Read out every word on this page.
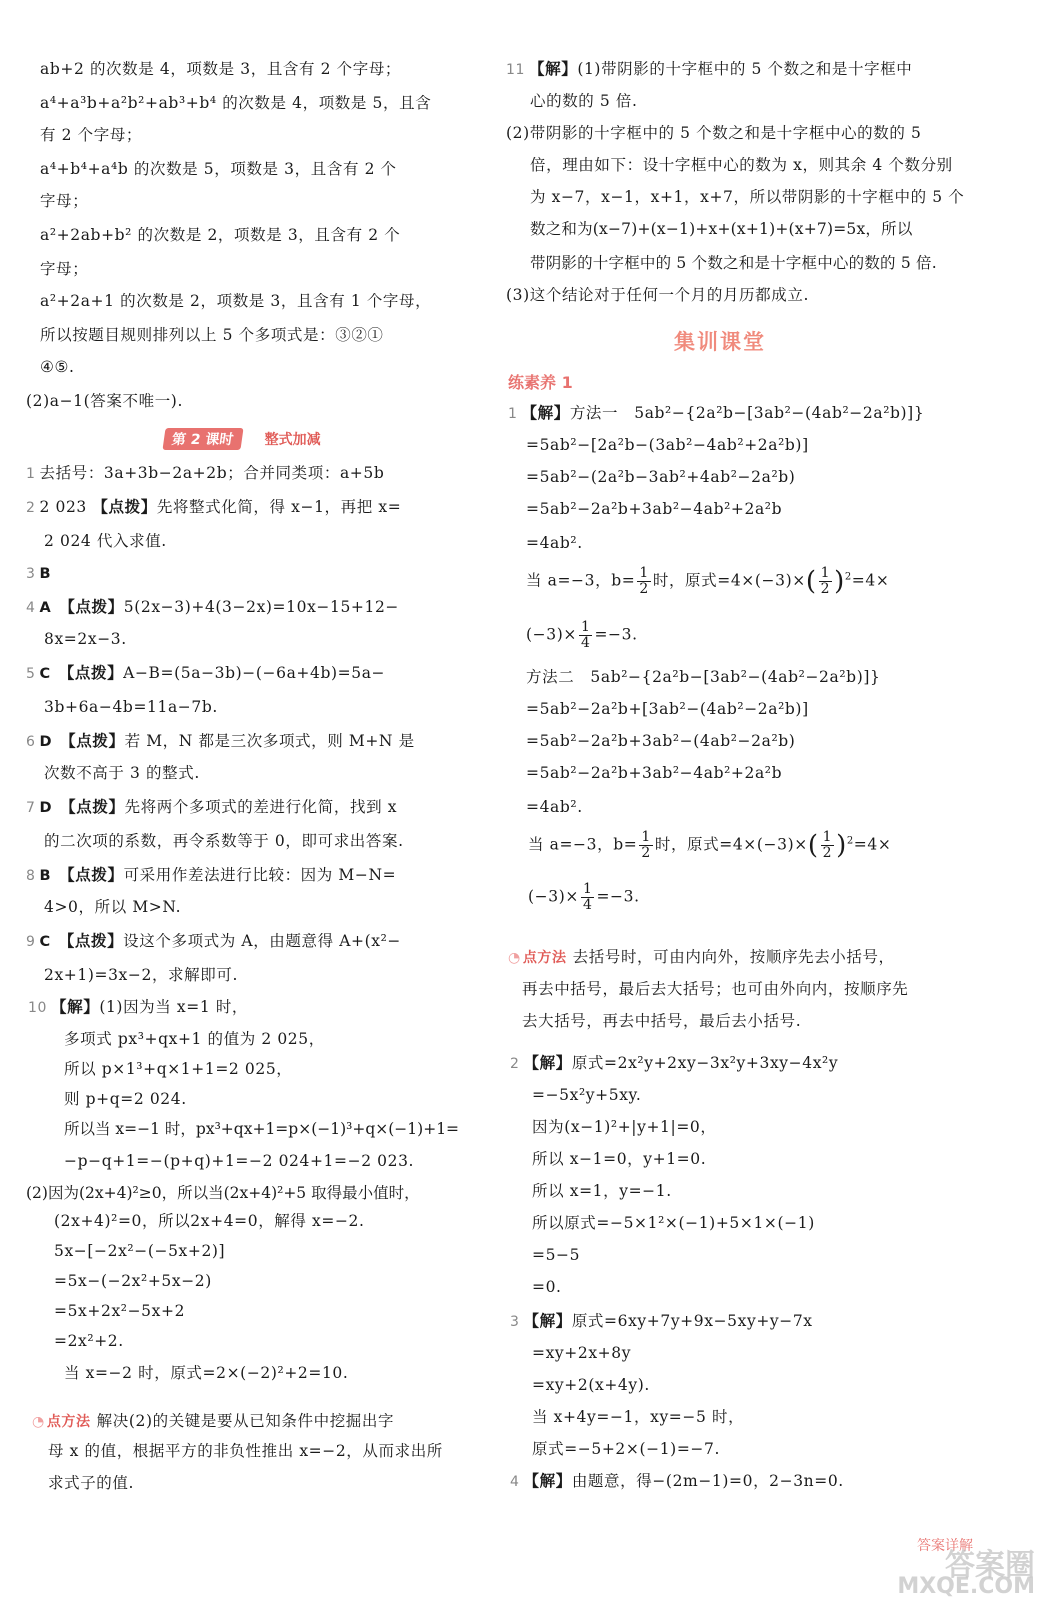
ab+2 的次数是 4，项数是 3，且含有 2 个字母；
a⁴+a³b+a²b²+ab³+b⁴ 的次数是 4，项数是 5，且含
有 2 个字母；
a⁴+b⁴+a⁴b 的次数是 5，项数是 3，且含有 2 个
字母；
a²+2ab+b² 的次数是 2，项数是 3，且含有 2 个
字母；
a²+2a+1 的次数是 2，项数是 3，且含有 1 个字母，
所以按题目规则排列以上 5 个多项式是：③②①
④⑤.
(2)a−1(答案不唯一).
第 2 课时 整式加减
1 去括号：3a+3b−2a+2b；合并同类项：a+5b
2 2 023 【点拨】先将整式化简，得 x−1，再把 x=
2 024 代入求值.
3 B
4 A 【点拨】5(2x−3)+4(3−2x)=10x−15+12−
8x=2x−3.
5 C 【点拨】A−B=(5a−3b)−(−6a+4b)=5a−
3b+6a−4b=11a−7b.
6 D 【点拨】若 M，N 都是三次多项式，则 M+N 是
次数不高于 3 的整式.
7 D 【点拨】先将两个多项式的差进行化简，找到 x
的二次项的系数，再令系数等于 0，即可求出答案.
8 B 【点拨】可采用作差法进行比较：因为 M−N=
4>0，所以 M>N.
9 C 【点拨】设这个多项式为 A，由题意得 A+(x²−
2x+1)=3x−2，求解即可.
10 【解】(1)因为当 x=1 时，
多项式 px³+qx+1 的值为 2 025，
所以 p×1³+q×1+1=2 025，
则 p+q=2 024.
所以当 x=−1 时，px³+qx+1=p×(−1)³+q×(−1)+1=
−p−q+1=−(p+q)+1=−2 024+1=−2 023.
(2)因为(2x+4)²≥0，所以当(2x+4)²+5 取得最小值时，
(2x+4)²=0，所以2x+4=0，解得 x=−2.
5x−[−2x²−(−5x+2)]
=5x−(−2x²+5x−2)
=5x+2x²−5x+2
=2x²+2.
当 x=−2 时，原式=2×(−2)²+2=10.
◔ 点方法 解决(2)的关键是要从已知条件中挖掘出字
母 x 的值，根据平方的非负性推出 x=−2，从而求出所
求式子的值.
11 【解】(1)带阴影的十字框中的 5 个数之和是十字框中
心的数的 5 倍.
(2)带阴影的十字框中的 5 个数之和是十字框中心的数的 5
倍，理由如下：设十字框中心的数为 x，则其余 4 个数分别
为 x−7，x−1，x+1，x+7，所以带阴影的十字框中的 5 个
数之和为(x−7)+(x−1)+x+(x+1)+(x+7)=5x，所以
带阴影的十字框中的 5 个数之和是十字框中心的数的 5 倍.
(3)这个结论对于任何一个月的月历都成立.
集训课堂
练素养 1
1 【解】方法一　5ab²−{2a²b−[3ab²−(4ab²−2a²b)]}
=5ab²−[2a²b−(3ab²−4ab²+2a²b)]
=5ab²−(2a²b−3ab²+4ab²−2a²b)
=5ab²−2a²b+3ab²−4ab²+2a²b
=4ab².
当 a=−3，$b= \frac{1}{2}$ 时，原式$=4\times(-3)\times( \frac{1}{2} )^2=4\times$
$(-3)\times \frac{1}{4} =-3$.
方法二　5ab²−{2a²b−[3ab²−(4ab²−2a²b)]}
=5ab²−2a²b+[3ab²−(4ab²−2a²b)]
=5ab²−2a²b+3ab²−(4ab²−2a²b)
=5ab²−2a²b+3ab²−4ab²+2a²b
=4ab².
当 a=−3，$b= \frac{1}{2}$ 时，原式$=4\times(-3)\times( \frac{1}{2} )^2=4\times$
$(-3)\times \frac{1}{4} =-3$.
◔ 点方法 去括号时，可由内向外，按顺序先去小括号，
再去中括号，最后去大括号；也可由外向内，按顺序先
去大括号，再去中括号，最后去小括号.
2 【解】原式=2x²y+2xy−3x²y+3xy−4x²y
=−5x²y+5xy.
因为(x−1)²+|y+1|=0，
所以 x−1=0，y+1=0.
所以 x=1，y=−1.
所以原式=−5×1²×(−1)+5×1×(−1)
=5−5
=0.
3 【解】原式=6xy+7y+9x−5xy+y−7x
=xy+2x+8y
=xy+2(x+4y).
当 x+4y=−1，xy=−5 时，
原式=−5+2×(−1)=−7.
4 【解】由题意，得−(2m−1)=0，2−3n=0.
答案详解
答案圈
MXQE.COM
